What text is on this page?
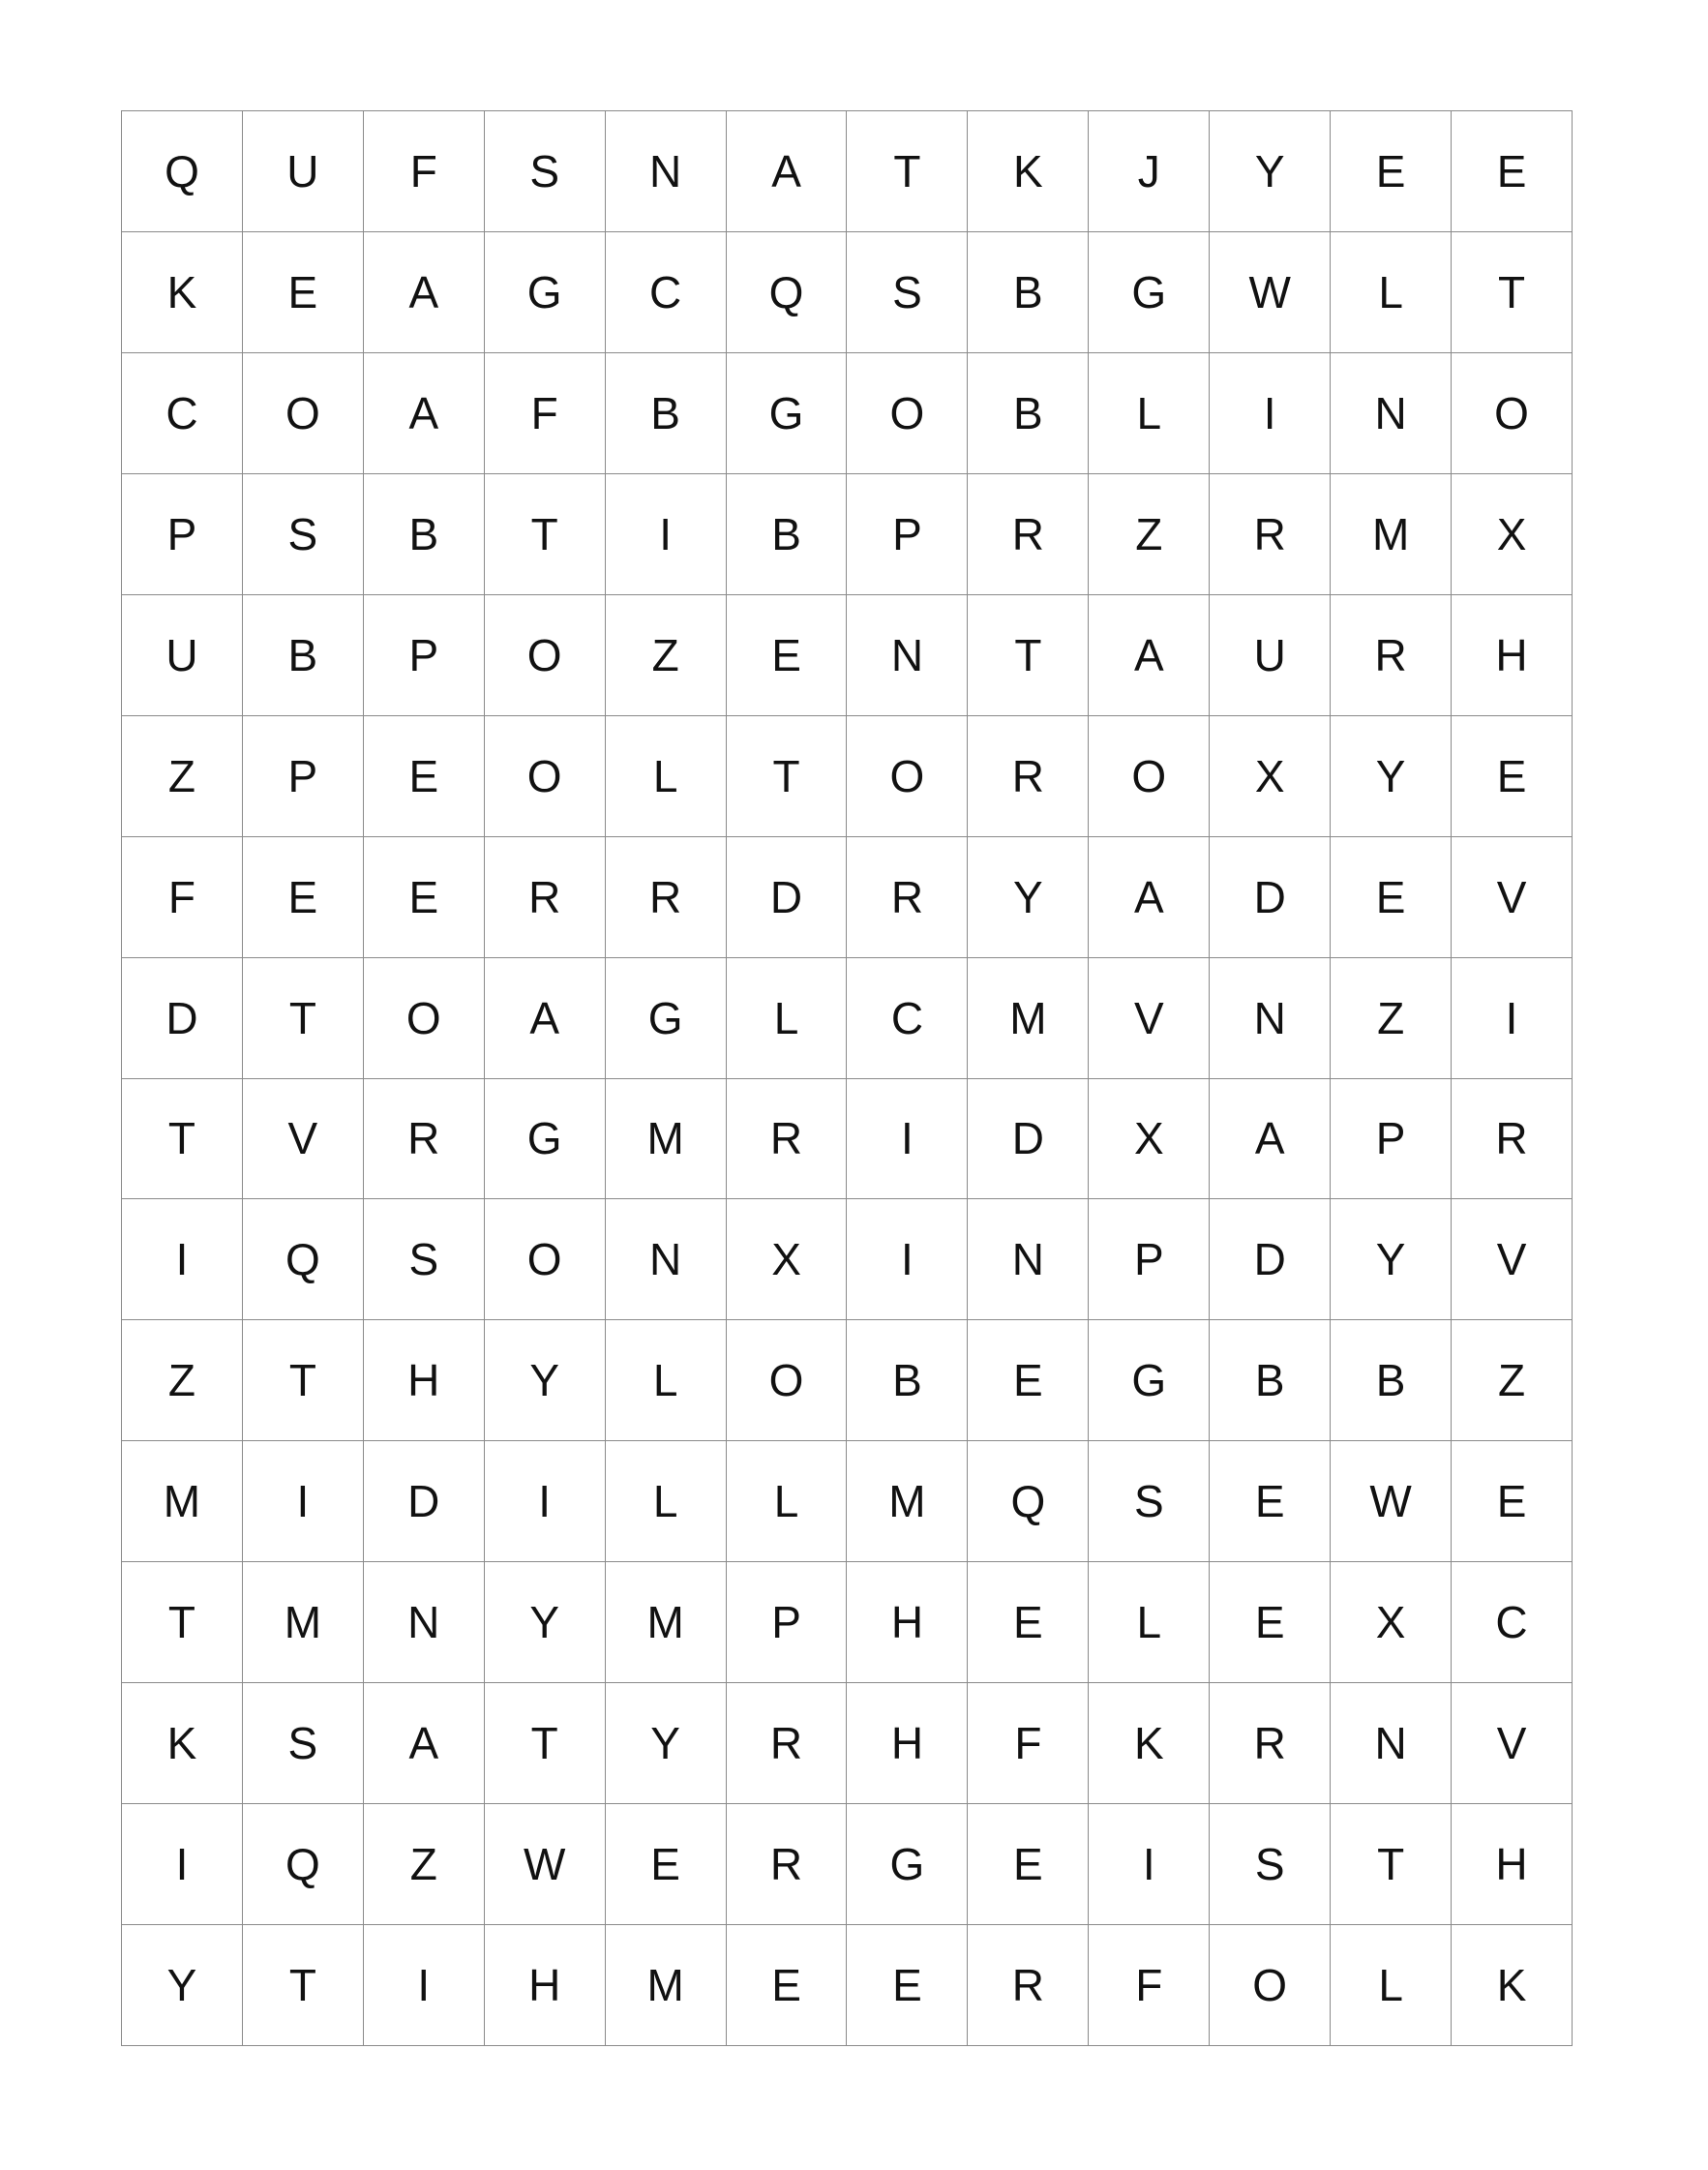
Q	U	F	S	N	A	T	K	J	Y	E	E
K	E	A	G	C	Q	S	B	G	W	L	T
C	O	A	F	B	G	O	B	L	I	N	O
P	S	B	T	I	B	P	R	Z	R	M	X
U	B	P	O	Z	E	N	T	A	U	R	H
Z	P	E	O	L	T	O	R	O	X	Y	E
F	E	E	R	R	D	R	Y	A	D	E	V
D	T	O	A	G	L	C	M	V	N	Z	I
T	V	R	G	M	R	I	D	X	A	P	R
I	Q	S	O	N	X	I	N	P	D	Y	V
Z	T	H	Y	L	O	B	E	G	B	B	Z
M	I	D	I	L	L	M	Q	S	E	W	E
T	M	N	Y	M	P	H	E	L	E	X	C
K	S	A	T	Y	R	H	F	K	R	N	V
I	Q	Z	W	E	R	G	E	I	S	T	H
Y	T	I	H	M	E	E	R	F	O	L	K
